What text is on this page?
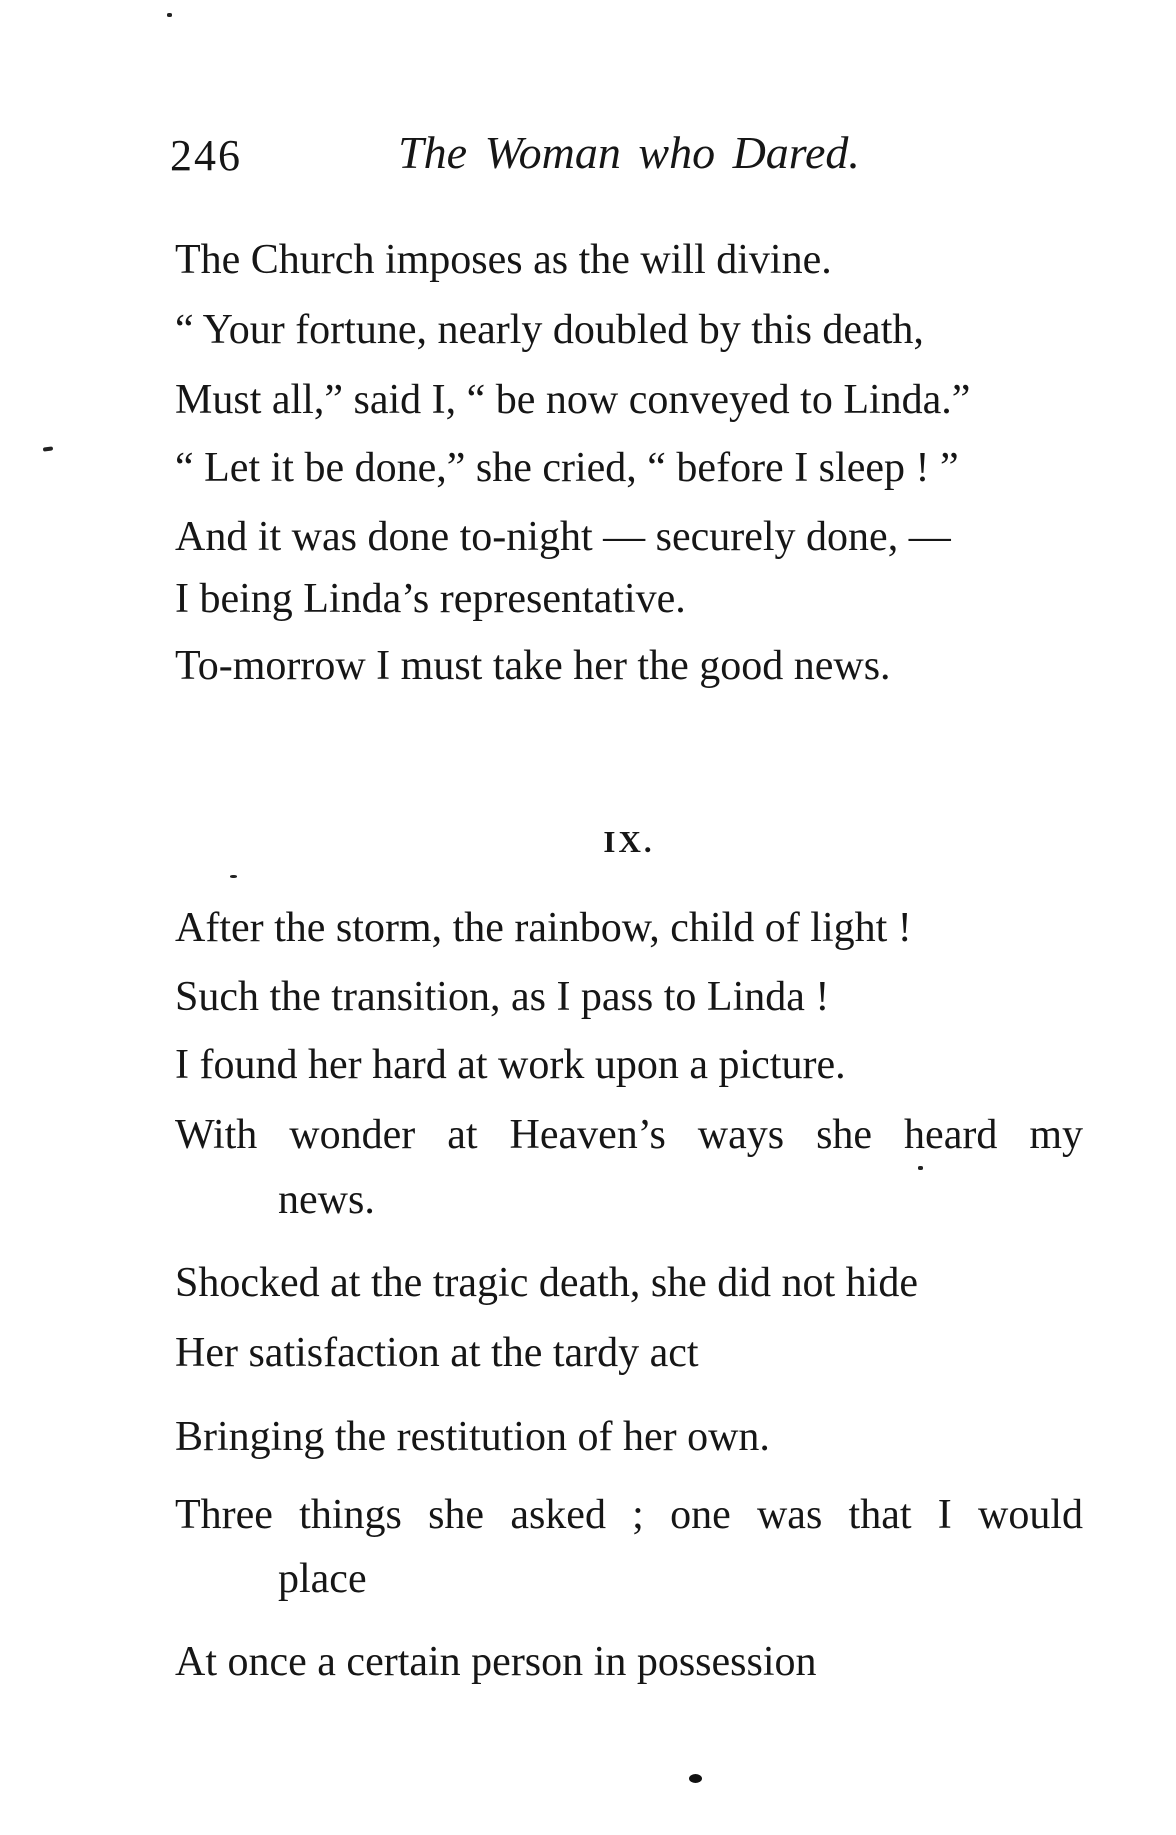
246	The Woman who Dared.
The Church imposes as the will divine.
“ Your fortune, nearly doubled by this death,
Must all,” said I, “ be now conveyed to Linda.”
“ Let it be done,” she cried, “ before I sleep ! ”
And it was done to-night — securely done, —
I being Linda’s representative.
To-morrow I must take her the good news.
IX.
After the storm, the rainbow, child of light !
Such the transition, as I pass to Linda !
I found her hard at work upon a picture.
With wonder at Heaven’s ways she heard my
news.
Shocked at the tragic death, she did not hide
Her satisfaction at the tardy act
Bringing the restitution of her own.
Three things she asked ; one was that I would
place
At once a certain person in possession
